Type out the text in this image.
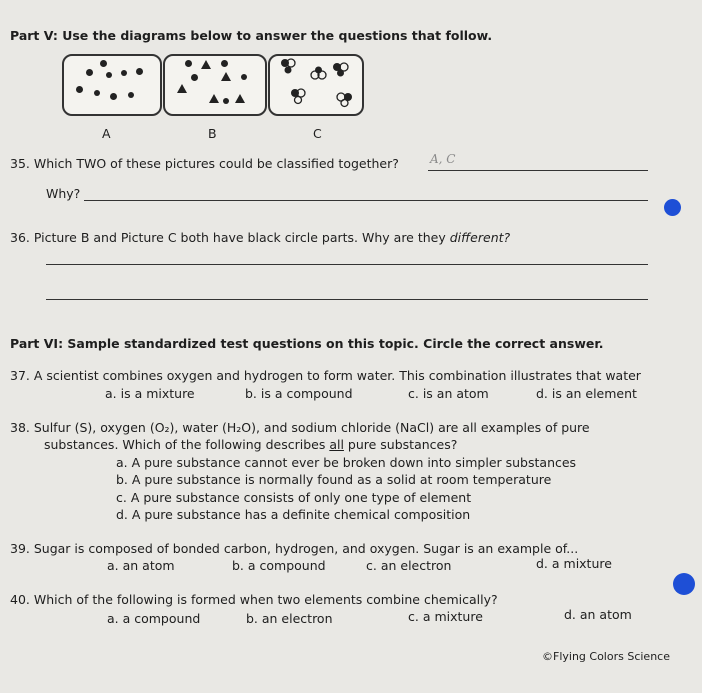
Part V: Use the diagrams below to answer the questions that follow.
A	B	C
35. Which TWO of these pictures could be classified together?	A, C
Why?
36. Picture B and Picture C both have black circle parts. Why are they different?
Part VI: Sample standardized test questions on this topic. Circle the correct answer.
37. A scientist combines oxygen and hydrogen to form water. This combination illustrates that water
a. is a mixture	b. is a compound	c. is an atom	d. is an element
38. Sulfur (S), oxygen (O₂), water (H₂O), and sodium chloride (NaCl) are all examples of pure
substances. Which of the following describes all pure substances?
a. A pure substance cannot ever be broken down into simpler substances
b. A pure substance is normally found as a solid at room temperature
c. A pure substance consists of only one type of element
d. A pure substance has a definite chemical composition
39. Sugar is composed of bonded carbon, hydrogen, and oxygen. Sugar is an example of...
a. an atom	b. a compound	c. an electron	d. a mixture
40. Which of the following is formed when two elements combine chemically?
a. a compound	b. an electron	c. a mixture	d. an atom
©Flying Colors Science
